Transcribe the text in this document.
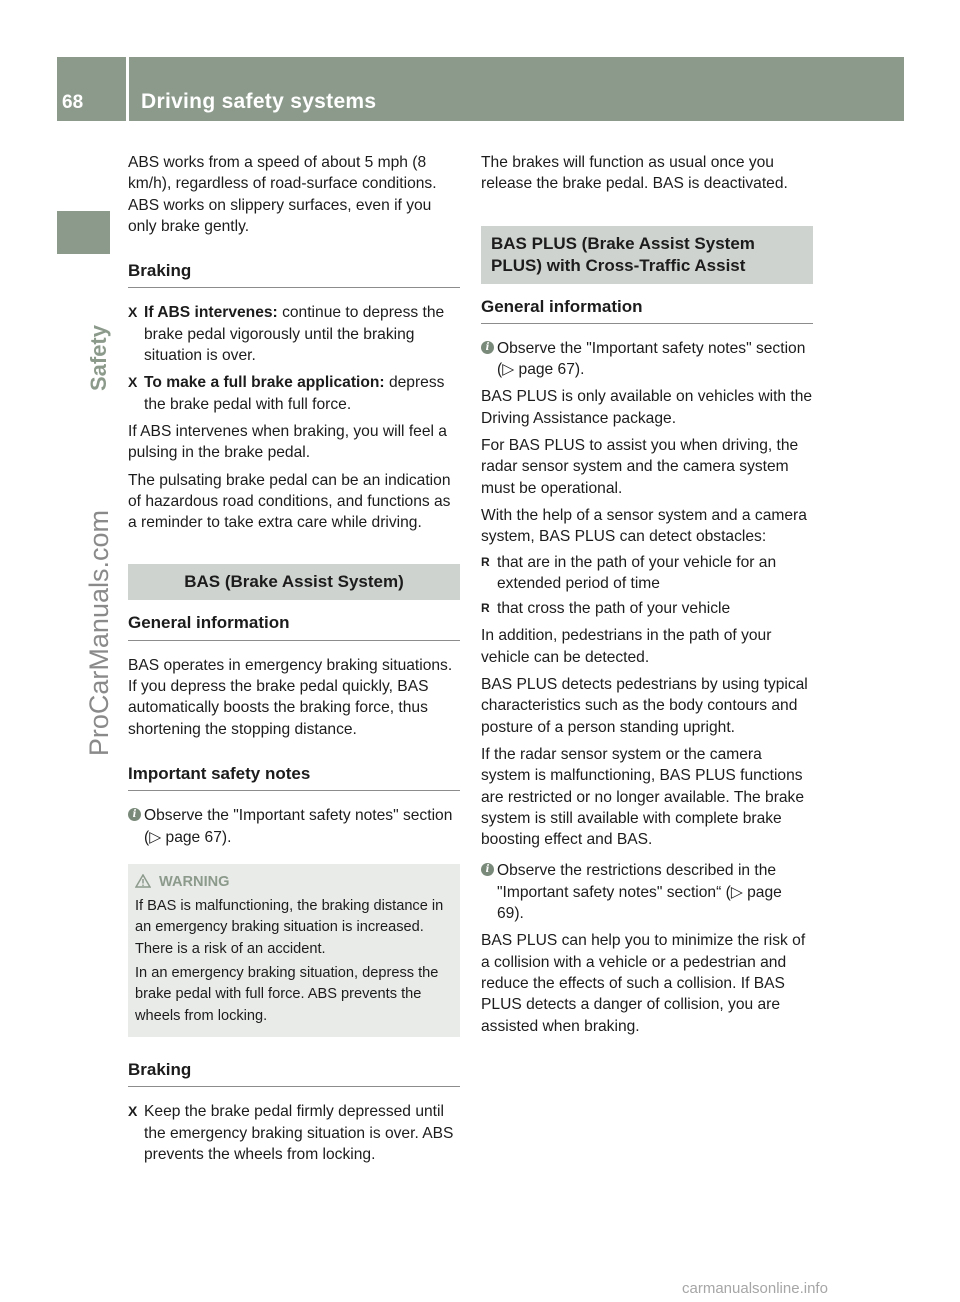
68	Driving safety systems
Safety
ProCarManuals.com

ABS works from a speed of about 5 mph (8 km/h), regardless of road-surface conditions. ABS works on slippery surfaces, even if you only brake gently.

Braking
X If ABS intervenes: continue to depress the brake pedal vigorously until the braking situation is over.
X To make a full brake application: depress the brake pedal with full force.

If ABS intervenes when braking, you will feel a pulsing in the brake pedal.

The pulsating brake pedal can be an indication of hazardous road conditions, and functions as a reminder to take extra care while driving.

BAS (Brake Assist System)
General information

BAS operates in emergency braking situations. If you depress the brake pedal quickly, BAS automatically boosts the braking force, thus shortening the stopping distance.

Important safety notes
i Observe the "Important safety notes" section (▷ page 67).
WARNING

If BAS is malfunctioning, the braking distance in an emergency braking situation is increased. There is a risk of an accident.

In an emergency braking situation, depress the brake pedal with full force. ABS prevents the wheels from locking.

Braking
X Keep the brake pedal firmly depressed until the emergency braking situation is over. ABS prevents the wheels from locking.

The brakes will function as usual once you release the brake pedal. BAS is deactivated.

BAS PLUS (Brake Assist System PLUS) with Cross-Traffic Assist
General information
i Observe the "Important safety notes" section (▷ page 67).

BAS PLUS is only available on vehicles with the Driving Assistance package.

For BAS PLUS to assist you when driving, the radar sensor system and the camera system must be operational.

With the help of a sensor system and a camera system, BAS PLUS can detect obstacles:

R that are in the path of your vehicle for an extended period of time
R that cross the path of your vehicle

In addition, pedestrians in the path of your vehicle can be detected.

BAS PLUS detects pedestrians by using typical characteristics such as the body contours and posture of a person standing upright.

If the radar sensor system or the camera system is malfunctioning, BAS PLUS functions are restricted or no longer available. The brake system is still available with complete brake boosting effect and BAS.

i Observe the restrictions described in the "Important safety notes" section“ (▷ page 69).

BAS PLUS can help you to minimize the risk of a collision with a vehicle or a pedestrian and reduce the effects of such a collision. If BAS PLUS detects a danger of collision, you are assisted when braking.

carmanualsonline.info
